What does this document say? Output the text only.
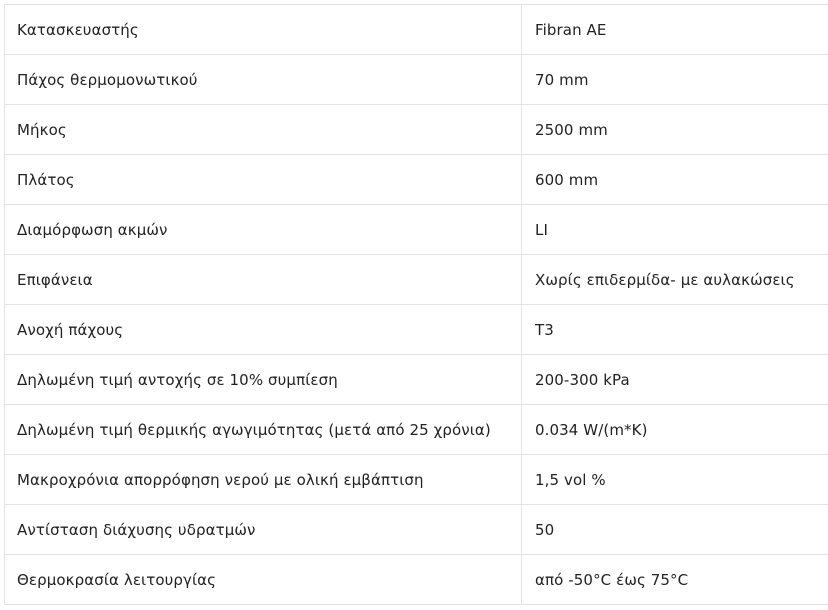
Κατασκευαστής	Fibran AE
Πάχος θερμομονωτικού	70 mm
Μήκος	2500 mm
Πλάτος	600 mm
Διαμόρφωση ακμών	LI
Επιφάνεια	Χωρίς επιδερμίδα- με αυλακώσεις
Ανοχή πάχους	T3
Δηλωμένη τιμή αντοχής σε 10% συμπίεση	200-300 kPa
Δηλωμένη τιμή θερμικής αγωγιμότητας (μετά από 25 χρόνια)	0.034 W/(m*K)
Μακροχρόνια απορρόφηση νερού με ολική εμβάπτιση	1,5 vol %
Αντίσταση διάχυσης υδρατμών	50
Θερμοκρασία λειτουργίας	από -50°C έως 75°C
